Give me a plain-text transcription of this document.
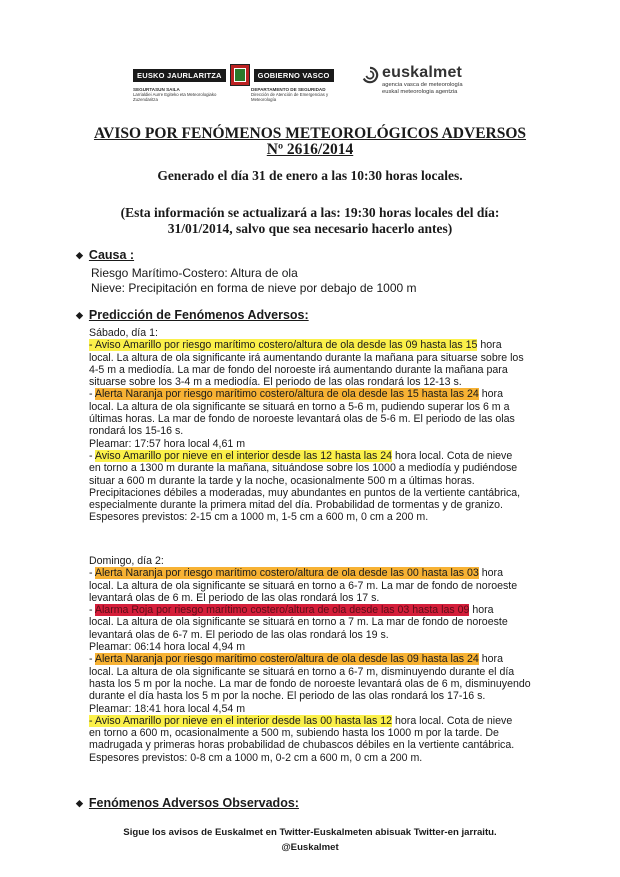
EUSKO JAURLARITZA	GOBIERNO VASCO
SEGURTASUN SAILA
Larrialdiei Aurre Egiteko eta Meteorologiako Zuzendaritza
DEPARTAMENTO DE SEGURIDAD
Dirección de Atención de Emergencias y Meteorología
euskalmet
agencia vasca de meteorología
euskal meteorologia agentzia
AVISO POR FENÓMENOS METEOROLÓGICOS ADVERSOS
Nº 2616/2014
Generado el día 31 de enero a las 10:30 horas locales.
(Esta información se actualizará a las: 19:30 horas locales del día:
31/01/2014, salvo que sea necesario hacerlo antes)
◆ Causa :
Riesgo Marítimo-Costero: Altura de ola
Nieve: Precipitación en forma de nieve por debajo de 1000 m
◆ Predicción de Fenómenos Adversos:

Sábado, día 1:

- Aviso Amarillo por riesgo marítimo costero/altura de ola desde las 09 hasta las 15 hora

local. La altura de ola significante irá aumentando durante la mañana para situarse sobre los 4-5 m a mediodía. La mar de fondo del noroeste irá aumentando durante la mañana para situarse sobre los 3-4 m a mediodía. El periodo de las olas rondará los 12-13 s.

- Alerta Naranja por riesgo marítimo costero/altura de ola desde las 15 hasta las 24 hora

local. La altura de ola significante se situará en torno a 5-6 m, pudiendo superar los 6 m a últimas horas. La mar de fondo de noroeste levantará olas de 5-6 m. El periodo de las olas rondará los 15-16 s.

Pleamar: 17:57 hora local 4,61 m

- Aviso Amarillo por nieve en el interior desde las 12 hasta las 24 hora local. Cota de nieve

en torno a 1300 m durante la mañana, situándose sobre los 1000 a mediodía y pudiéndose situar a 600 m durante la tarde y la noche, ocasionalmente 500 m a últimas horas. Precipitaciones débiles a moderadas, muy abundantes en puntos de la vertiente cantábrica, especialmente durante la primera mitad del día. Probabilidad de tormentas y de granizo.

Espesores previstos: 2-15 cm a 1000 m, 1-5 cm a 600 m, 0 cm a 200 m.

Domingo, día 2:

- Alerta Naranja por riesgo marítimo costero/altura de ola desde las 00 hasta las 03 hora

local. La altura de ola significante se situará en torno a 6-7 m. La mar de fondo de noroeste levantará olas de 6 m. El periodo de las olas rondará los 17 s.

- Alarma Roja por riesgo marítimo costero/altura de ola desde las 03 hasta las 09 hora

local. La altura de ola significante se situará en torno a 7 m. La mar de fondo de noroeste levantará olas de 6-7 m. El periodo de las olas rondará los 19 s.

Pleamar: 06:14 hora local 4,94 m

- Alerta Naranja por riesgo marítimo costero/altura de ola desde las 09 hasta las 24 hora

local. La altura de ola significante se situará en torno a 6-7 m, disminuyendo durante el día hasta los 5 m por la noche. La mar de fondo de noroeste levantará olas de 6 m, disminuyendo durante el día hasta los 5 m por la noche. El periodo de las olas rondará los 17-16 s.

Pleamar: 18:41 hora local 4,54 m

- Aviso Amarillo por nieve en el interior desde las 00 hasta las 12 hora local. Cota de nieve

en torno a 600 m, ocasionalmente a 500 m, subiendo hasta los 1000 m por la tarde. De madrugada y primeras horas probabilidad de chubascos débiles en la vertiente cantábrica.

Espesores previstos: 0-8 cm a 1000 m, 0-2 cm a 600 m, 0 cm a 200 m.

◆ Fenómenos Adversos Observados:
Sigue los avisos de Euskalmet en Twitter-Euskalmeten abisuak Twitter-en jarraitu.
@Euskalmet
